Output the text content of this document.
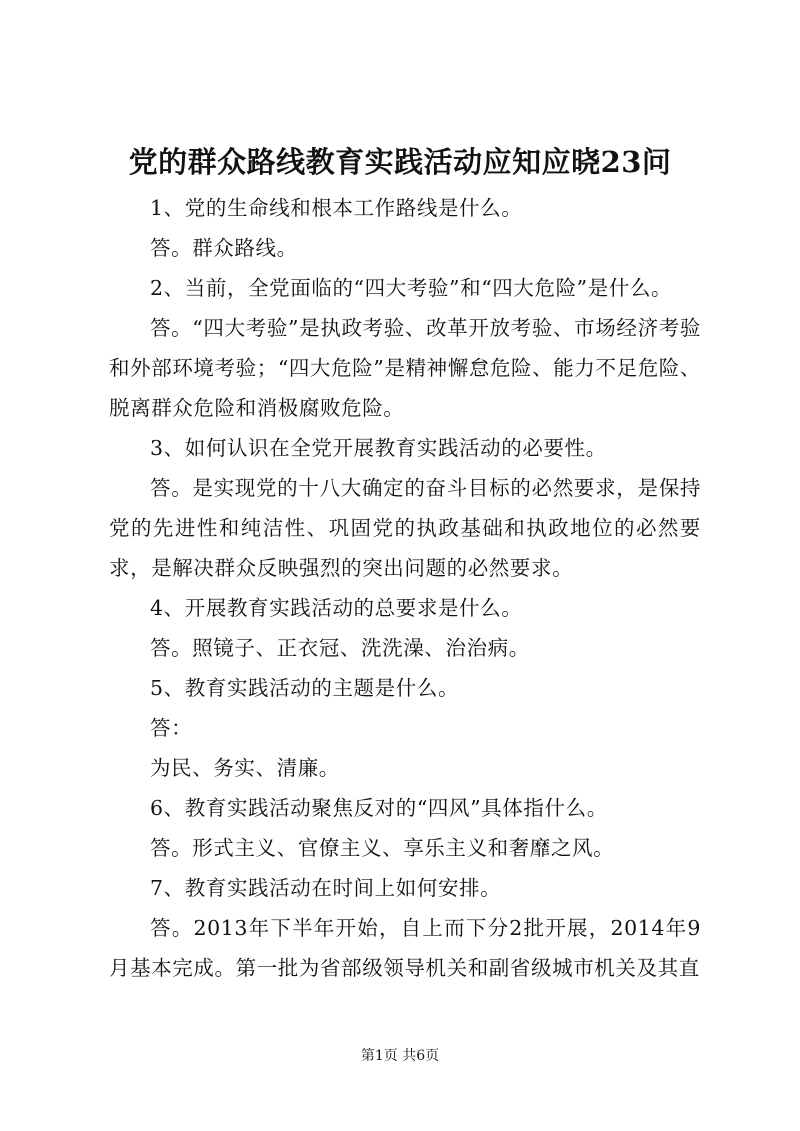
党的群众路线教育实践活动应知应晓23问

1、党的生命线和根本工作路线是什么。

答。群众路线。

2、当前，全党面临的“四大考验”和“四大危险”是什么。

答。“四大考验”是执政考验、改革开放考验、市场经济考验和外部环境考验；“四大危险”是精神懈怠危险、能力不足危险、脱离群众危险和消极腐败危险。

3、如何认识在全党开展教育实践活动的必要性。

答。是实现党的十八大确定的奋斗目标的必然要求，是保持党的先进性和纯洁性、巩固党的执政基础和执政地位的必然要求，是解决群众反映强烈的突出问题的必然要求。

4、开展教育实践活动的总要求是什么。

答。照镜子、正衣冠、洗洗澡、治治病。

5、教育实践活动的主题是什么。

答：

为民、务实、清廉。

6、教育实践活动聚焦反对的“四风”具体指什么。

答。形式主义、官僚主义、享乐主义和奢靡之风。

7、教育实践活动在时间上如何安排。

答。2013年下半年开始，自上而下分2批开展，2014年9月基本完成。第一批为省部级领导机关和副省级城市机关及其直

第1页 共6页
